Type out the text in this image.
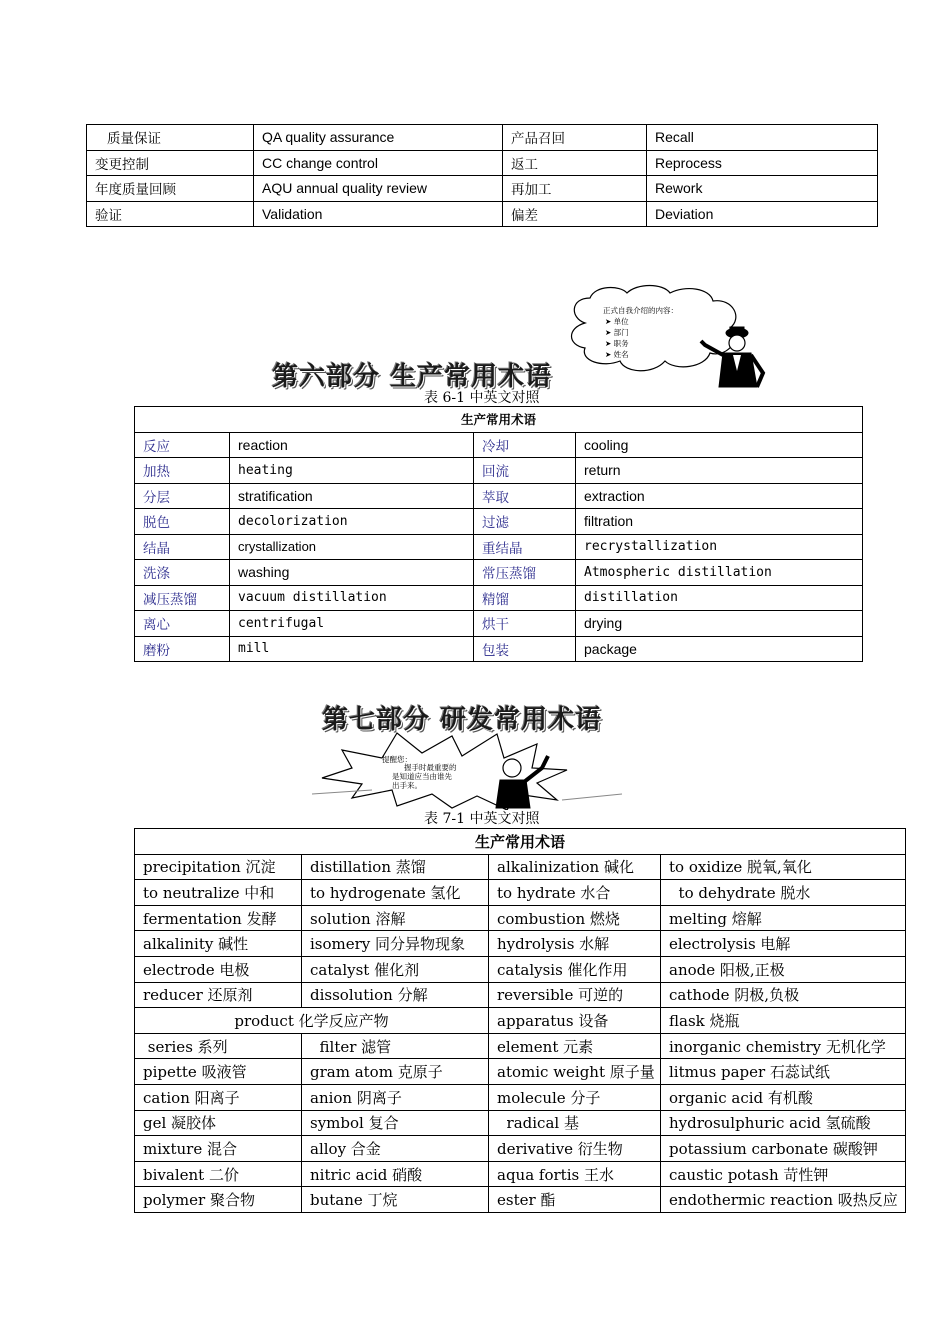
质量保证	QA quality assurance	产品召回	Recall
变更控制	CC change control	返工	Reprocess
年度质量回顾	AQU annual quality review	再加工	Rework
验证	Validation	偏差	Deviation
第六部分 生产常用术语
正式自我介绍的内容：
➤ 单位
➤ 部门
➤ 职务
➤ 姓名
表 6-1 中英文对照
生产常用术语			
反应	reaction	冷却	cooling
加热	heating	回流	return
分层	stratification	萃取	extraction
脱色	decolorization	过滤	filtration
结晶	crystallization	重结晶	recrystallization
洗涤	washing	常压蒸馏	Atmospheric distillation
减压蒸馏	vacuum distillation	精馏	distillation
离心	centrifugal	烘干	drying
磨粉	mill	包装	package
第七部分 研发常用术语
提醒您：
握手时最重要的
是知道应当由谁先
出手来。
表 7-1 中英文对照
生产常用术语			
precipitation 沉淀	distillation 蒸馏	alkalinization 碱化	to oxidize 脱氧,氧化
to neutralize 中和	to hydrogenate 氢化	to hydrate 水合	to dehydrate 脱水
fermentation 发酵	solution 溶解	combustion 燃烧	melting 熔解
alkalinity 碱性	isomery 同分异物现象	hydrolysis 水解	electrolysis 电解
electrode 电极	catalyst 催化剂	catalysis 催化作用	anode 阳极,正极
reducer 还原剂	dissolution 分解	reversible 可逆的	cathode 阴极,负极
product 化学反应产物		apparatus 设备	flask 烧瓶
series 系列	filter 滤管	element 元素	inorganic chemistry 无机化学
pipette 吸液管	gram atom 克原子	atomic weight 原子量	litmus paper 石蕊试纸
cation 阳离子	anion 阴离子	molecule 分子	organic acid 有机酸
gel 凝胶体	symbol 复合	radical 基	hydrosulphuric acid 氢硫酸
mixture 混合	alloy 合金	derivative 衍生物	potassium carbonate 碳酸钾
bivalent 二价	nitric acid 硝酸	aqua fortis 王水	caustic potash 苛性钾
polymer 聚合物	butane 丁烷	ester 酯	endothermic reaction 吸热反应
